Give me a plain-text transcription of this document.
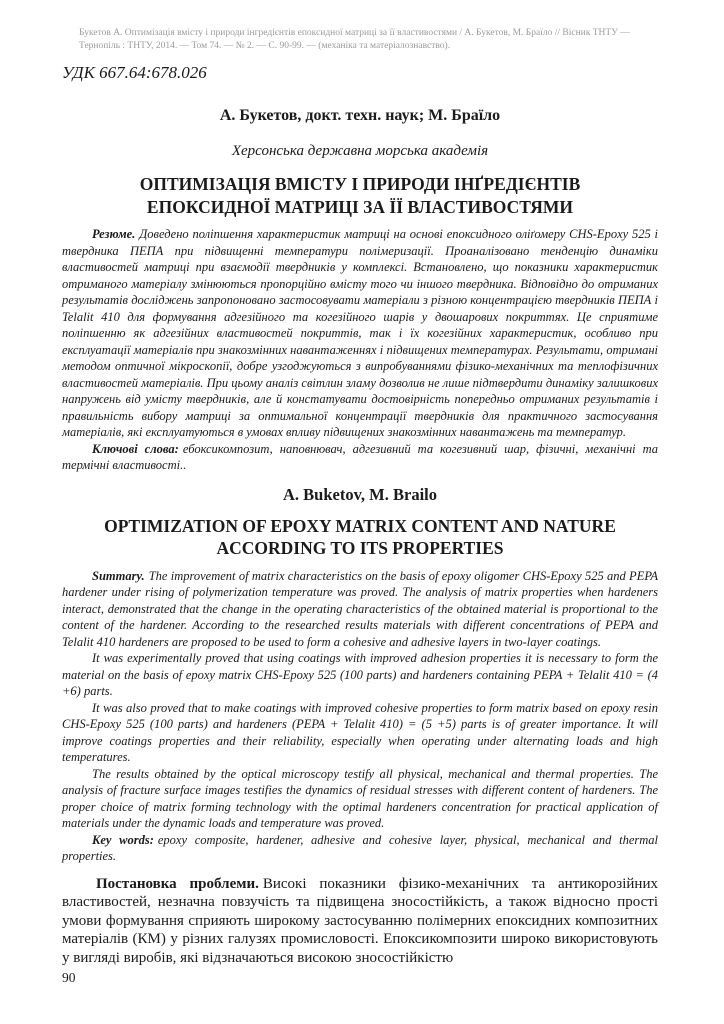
Букетов А. Оптимізація вмісту і природи інгредієнтів епоксидної матриці за її властивостями / А. Букетов, М. Браїло // Вісник ТНТУ — Тернопіль : ТНТУ, 2014. — Том 74. — № 2. — С. 90-99. — (механіка та матеріалознавство).
УДК 667.64:678.026
А. Букетов, докт. техн. наук; М. Браїло
Херсонська державна морська академія
ОПТИМІЗАЦІЯ ВМІСТУ І ПРИРОДИ ІНҐРЕДІЄНТІВ
ЕПОКСИДНОЇ МАТРИЦІ ЗА ЇЇ ВЛАСТИВОСТЯМИ

Резюме. Доведено поліпшення характеристик матриці на основі епоксидного оліґомеру CHS-Epoxy 525 і твердника ПЕПА при підвищенні температури полімеризації. Проаналізовано тенденцію динаміки властивостей матриці при взаємодії твердників у комплексі. Встановлено, що показники характеристик отриманого матеріалу змінюються пропорційно вмісту того чи іншого твердника. Відповідно до отриманих результатів досліджень запропоновано застосовувати матеріали з різною концентрацією твердників ПЕПА і Telalit 410 для формування адгезійного та когезійного шарів у двошарових покриттях. Це сприятиме поліпшенню як адгезійних властивостей покриттів, так і їх когезійних характеристик, особливо при експлуатації матеріалів при знакозмінних навантаженнях і підвищених температурах. Результати, отримані методом оптичної мікроскопії, добре узгоджуються з випробуваннями фізико-механічних та теплофізичних властивостей матеріалів. При цьому аналіз світлин зламу дозволив не лише підтвердити динаміку залишкових напружень від умісту твердників, але й констатувати достовірність попередньо отриманих результатів і правильність вибору матриці за оптимальної концентрації твердників для практичного застосування матеріалів, які експлуатуються в умовах впливу підвищених знакозмінних навантажень та температур.

Ключові слова: ебоксикомпозит, наповнювач, адгезивний та когезивний шар, фізичні, механічні та термічні властивості..

A. Buketov, M. Brailo
OPTIMIZATION OF EPOXY MATRIX CONTENT AND NATURE
ACCORDING TO ITS PROPERTIES

Summary. The improvement of matrix characteristics on the basis of epoxy oligomer CHS-Epoxy 525 and PEPA hardener under rising of polymerization temperature was proved. The analysis of matrix properties when hardeners interact, demonstrated that the change in the operating characteristics of the obtained material is proportional to the content of the hardener. According to the researched results materials with different concentrations of PEPA and Telalit 410 hardeners are proposed to be used to form a cohesive and adhesive layers in two-layer coatings.

It was experimentally proved that using coatings with improved adhesion properties it is necessary to form the material on the basis of epoxy matrix CHS-Epoxy 525 (100 parts) and hardeners containing PEPA + Telalit 410 = (4 +6) parts.

It was also proved that to make coatings with improved cohesive properties to form matrix based on epoxy resin CHS-Epoxy 525 (100 parts) and hardeners (PEPA + Telalit 410) = (5 +5) parts is of greater importance. It will improve coatings properties and their reliability, especially when operating under alternating loads and high temperatures.

The results obtained by the optical microscopy testify all physical, mechanical and thermal properties. The analysis of fracture surface images testifies the dynamics of residual stresses with different content of hardeners. The proper choice of matrix forming technology with the optimal hardeners concentration for practical application of materials under the dynamic loads and temperature was proved.

Key words: epoxy composite, hardener, adhesive and cohesive layer, physical, mechanical and thermal properties.

Постановка проблеми. Високі показники фізико-механічних та антикорозійних властивостей, незначна повзучість та підвищена зносостійкість, а також відносно прості умови формування сприяють широкому застосуванню полімерних епоксидних композитних матеріалів (КМ) у різних галузях промисловості. Епоксикомпозити широко використовують у вигляді виробів, які відзначаються високою зносостійкістю

90
